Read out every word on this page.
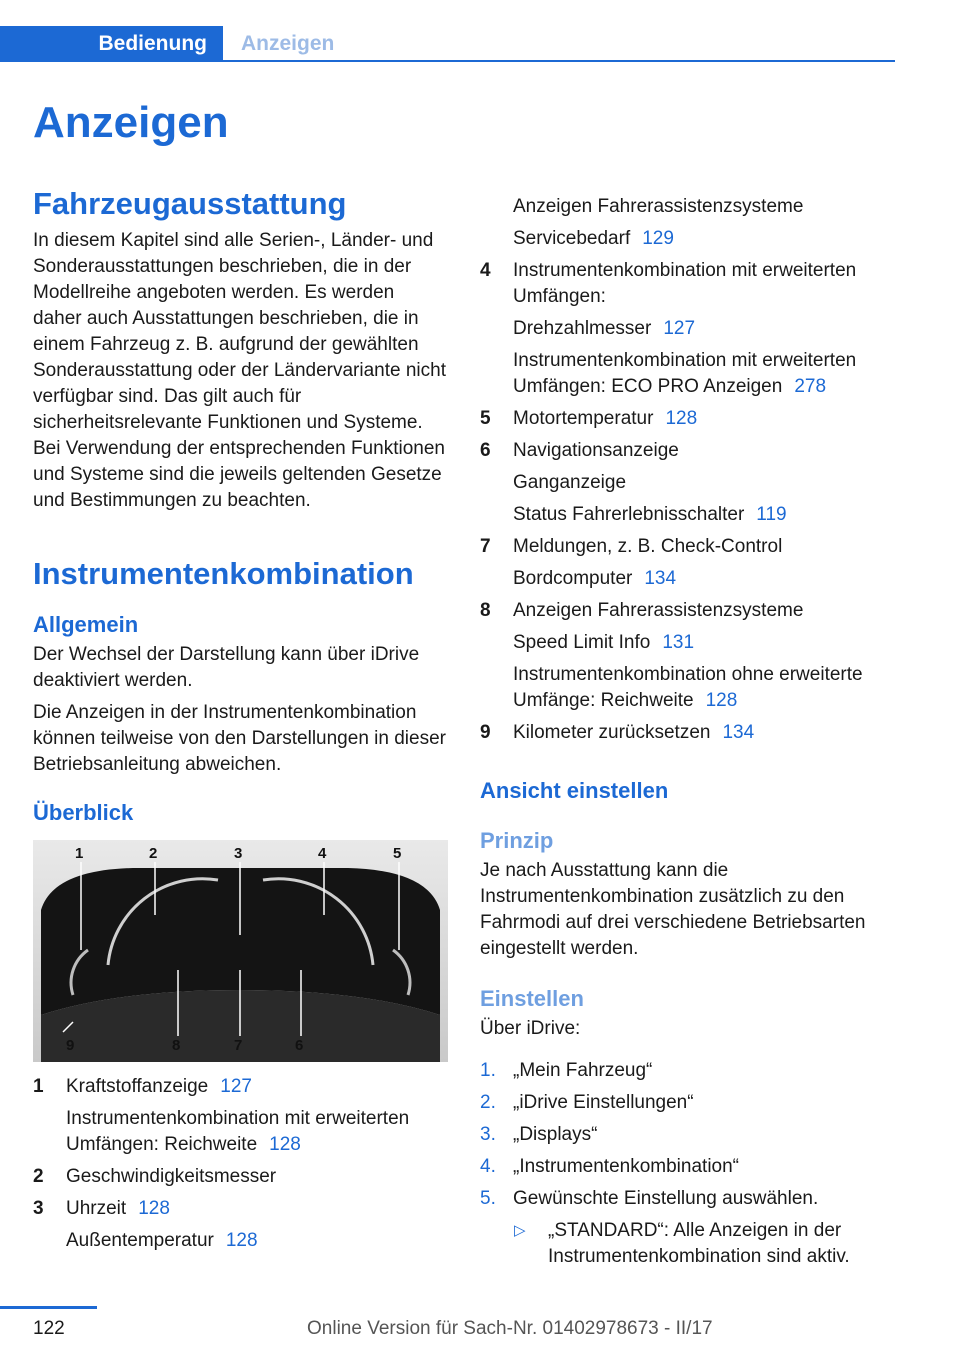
Bedienung	Anzeigen
Anzeigen
Fahrzeugausstattung

In diesem Kapitel sind alle Serien-, Länder- und Sonderausstattungen beschrieben, die in der Modellreihe angeboten werden. Es werden daher auch Ausstattungen beschrieben, die in einem Fahrzeug z. B. aufgrund der gewählten Sonderausstattung oder der Ländervariante nicht verfügbar sind. Das gilt auch für sicherheitsrelevante Funktionen und Systeme. Bei Verwendung der entsprechenden Funktionen und Systeme sind die jeweils geltenden Gesetze und Bestimmungen zu beachten.

Instrumentenkombination
Allgemein

Der Wechsel der Darstellung kann über iDrive deaktiviert werden.

Die Anzeigen in der Instrumentenkombination können teilweise von den Darstellungen in dieser Betriebsanleitung abweichen.

Überblick
1	2	3	4	5
9	8	7	6
1 Kraftstoffanzeige 127
Instrumentenkombination mit erweiterten Umfängen: Reichweite 128
2 Geschwindigkeitsmesser
3 Uhrzeit 128
Außentemperatur 128
Anzeigen Fahrerassistenzsysteme
Servicebedarf 129
4 Instrumentenkombination mit erweiterten Umfängen:
Drehzahlmesser 127
Instrumentenkombination mit erweiterten Umfängen: ECO PRO Anzeigen 278
5 Motortemperatur 128
6 Navigationsanzeige
Ganganzeige
Status Fahrerlebnisschalter 119
7 Meldungen, z. B. Check-Control
Bordcomputer 134
8 Anzeigen Fahrerassistenzsysteme
Speed Limit Info 131
Instrumentenkombination ohne erweiterte Umfänge: Reichweite 128
9 Kilometer zurücksetzen 134
Ansicht einstellen
Prinzip

Je nach Ausstattung kann die Instrumentenkombination zusätzlich zu den Fahrmodi auf drei verschiedene Betriebsarten eingestellt werden.

Einstellen

Über iDrive:

1. „Mein Fahrzeug“
2. „iDrive Einstellungen“
3. „Displays“
4. „Instrumentenkombination“
5. Gewünschte Einstellung auswählen.
▷ „STANDARD“: Alle Anzeigen in der Instrumentenkombination sind aktiv.
122	Online Version für Sach-Nr. 01402978673 - II/17
